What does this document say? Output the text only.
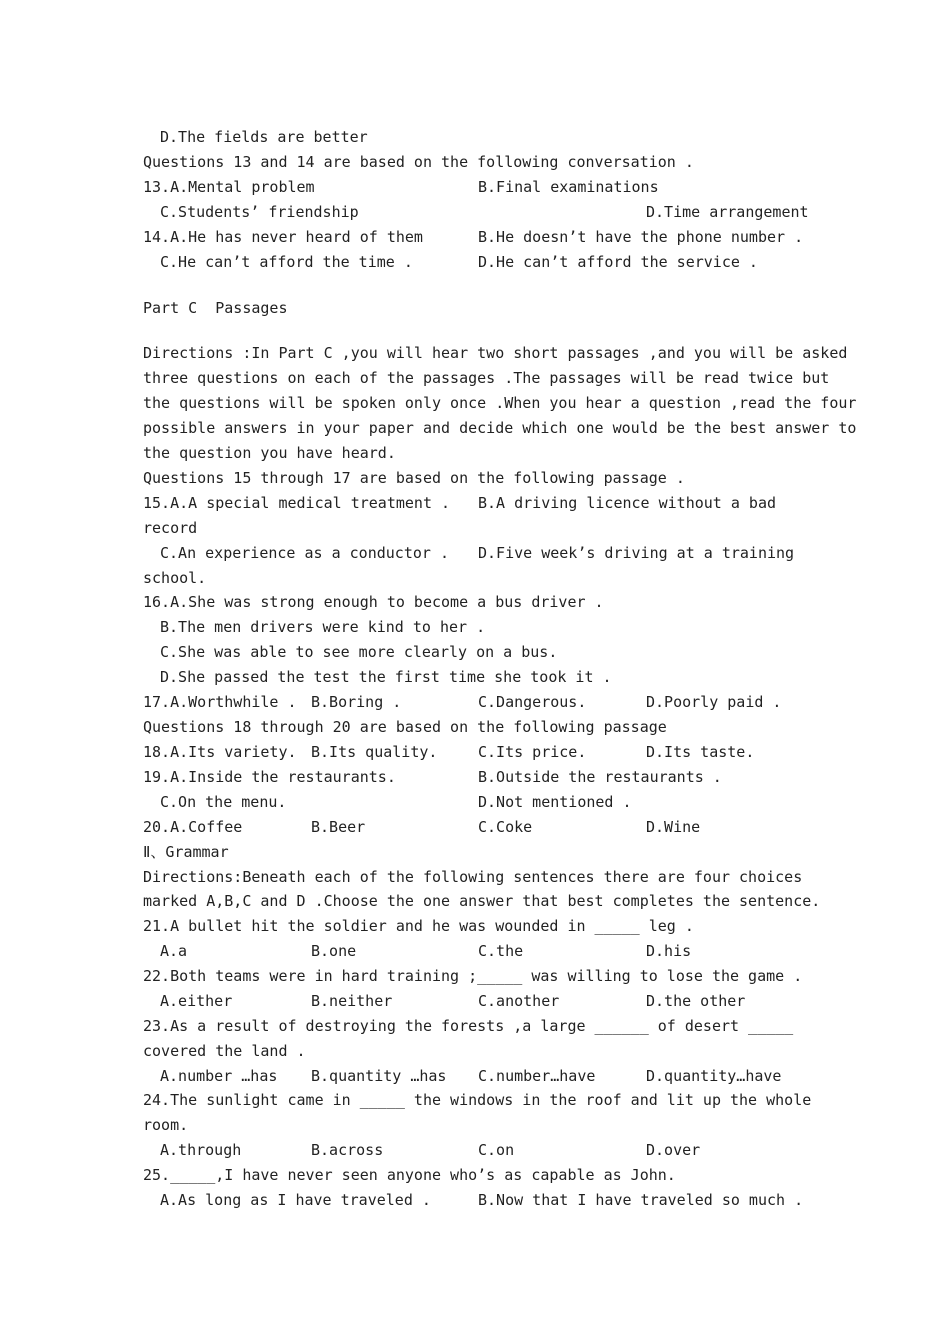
D.The fields are better

Questions 13 and 14 are based on the following conversation .

13.A.Mental problem

	B.Final examinations

C.Students’ friendship

	D.Time arrangement

14.A.He has never heard of them

	B.He doesn’t have the phone number .

C.He can’t afford the time .

	D.He can’t afford the service .

Part C  Passages
Directions :In Part C ,you will hear two short passages ,and you will be asked
three questions on each of the passages .The passages will be read twice but
the questions will be spoken only once .When you hear a question ,read the four
possible answers in your paper and decide which one would be the best answer to
the question you have heard.
Questions 15 through 17 are based on the following passage .

15.A.A special medical treatment .

B.A driving licence without a bad

record

C.An experience as a conductor .

D.Five week’s driving at a training

school.
16.A.She was strong enough to become a bus driver .

B.The men drivers were kind to her .

C.She was able to see more clearly on a bus.

D.She passed the test the first time she took it .

17.A.Worthwhile .

B.Boring .

	C.Dangerous.

	D.Poorly paid .

Questions 18 through 20 are based on the following passage

18.A.Its variety.

B.Its quality.

	C.Its price.

	D.Its taste.

19.A.Inside the restaurants.

	B.Outside the restaurants .

C.On the menu.

	D.Not mentioned .

20.A.Coffee

	B.Beer

	C.Coke

	D.Wine

Ⅱ、Grammar
Directions:Beneath each of the following sentences there are four choices
marked A,B,C and D .Choose the one answer that best completes the sentence.
21.A bullet hit the soldier and he was wounded in _____ leg .

A.a

	B.one

	C.the

	D.his

22.Both teams were in hard training ;_____ was willing to lose the game .

A.either

	B.neither

	C.another

	D.the other

23.As a result of destroying the forests ,a large ______ of desert _____
covered the land .

A.number …has

B.quantity …has

C.number…have

	D.quantity…have

24.The sunlight came in _____ the windows in the roof and lit up the whole
room.

A.through

	B.across

	C.on

	D.over

25._____,I have never seen anyone who’s as capable as John.

A.As long as I have traveled .

	B.Now that I have traveled so much .
